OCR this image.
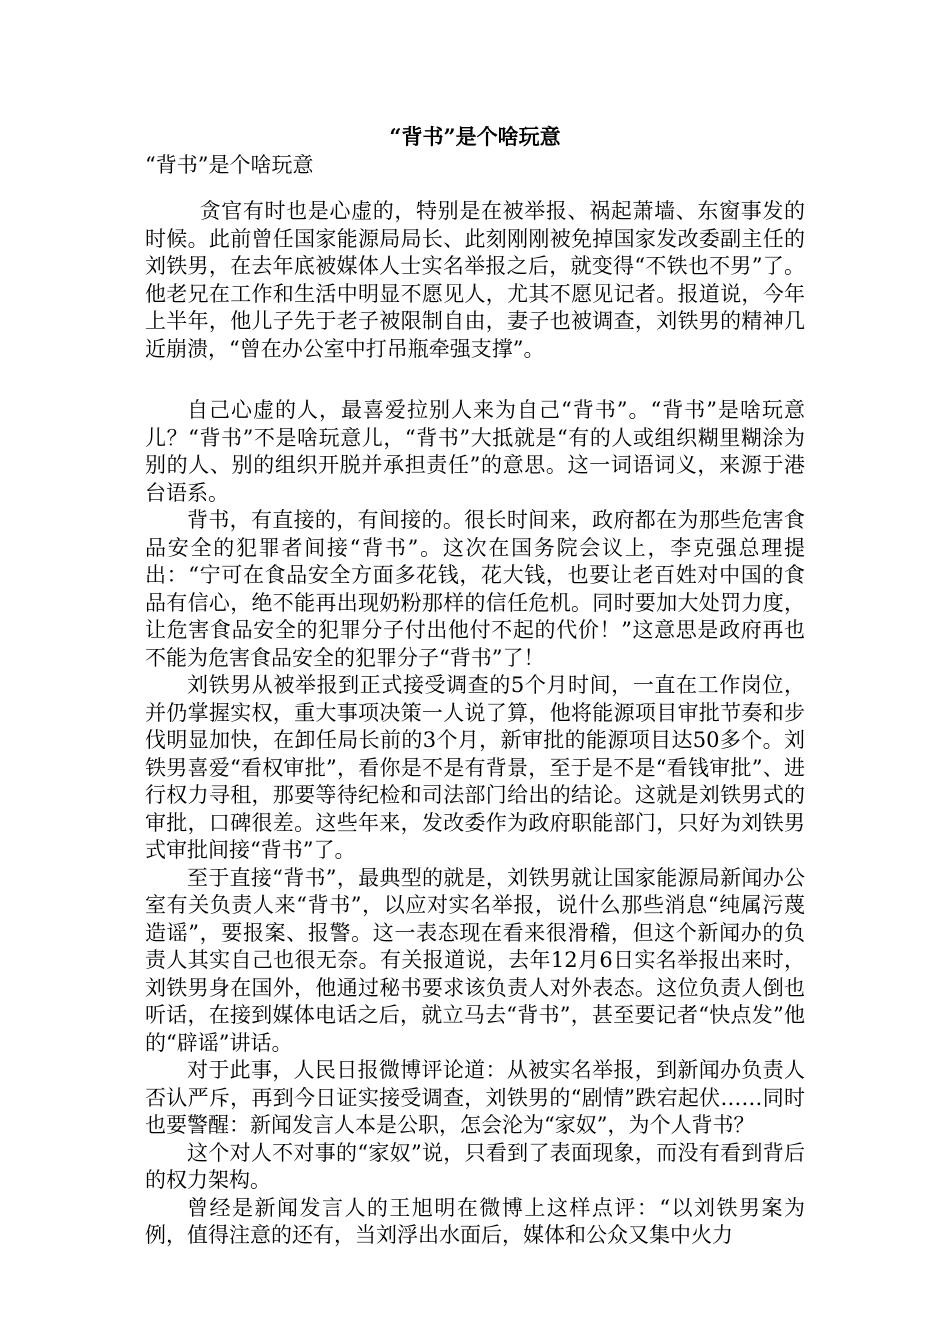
“背书”是个啥玩意
“背书”是个啥玩意

贪官有时也是心虚的，特别是在被举报、祸起萧墙、东窗事发的时候。此前曾任国家能源局局长、此刻刚刚被免掉国家发改委副主任的刘铁男，在去年底被媒体人士实名举报之后，就变得“不铁也不男”了。他老兄在工作和生活中明显不愿见人，尤其不愿见记者。报道说，今年上半年，他儿子先于老子被限制自由，妻子也被调查，刘铁男的精神几近崩溃，“曾在办公室中打吊瓶牵强支撑”。

自己心虚的人，最喜爱拉别人来为自己“背书”。“背书”是啥玩意儿？“背书”不是啥玩意儿，“背书”大抵就是“有的人或组织糊里糊涂为别的人、别的组织开脱并承担责任”的意思。这一词语词义，来源于港台语系。

背书，有直接的，有间接的。很长时间来，政府都在为那些危害食品安全的犯罪者间接“背书”。这次在国务院会议上，李克强总理提出：“宁可在食品安全方面多花钱，花大钱，也要让老百姓对中国的食品有信心，绝不能再出现奶粉那样的信任危机。同时要加大处罚力度，让危害食品安全的犯罪分子付出他付不起的代价！”这意思是政府再也不能为危害食品安全的犯罪分子“背书”了！

刘铁男从被举报到正式接受调查的5个月时间，一直在工作岗位，并仍掌握实权，重大事项决策一人说了算，他将能源项目审批节奏和步伐明显加快，在卸任局长前的3个月，新审批的能源项目达50多个。刘铁男喜爱“看权审批”，看你是不是有背景，至于是不是“看钱审批”、进行权力寻租，那要等待纪检和司法部门给出的结论。这就是刘铁男式的审批，口碑很差。这些年来，发改委作为政府职能部门，只好为刘铁男式审批间接“背书”了。

至于直接“背书”，最典型的就是，刘铁男就让国家能源局新闻办公室有关负责人来“背书”，以应对实名举报，说什么那些消息“纯属污蔑造谣”，要报案、报警。这一表态现在看来很滑稽，但这个新闻办的负责人其实自己也很无奈。有关报道说，去年12月6日实名举报出来时，刘铁男身在国外，他通过秘书要求该负责人对外表态。这位负责人倒也听话，在接到媒体电话之后，就立马去“背书”，甚至要记者“快点发”他的“辟谣”讲话。

对于此事，人民日报微博评论道：从被实名举报，到新闻办负责人否认严斥，再到今日证实接受调查，刘铁男的“剧情”跌宕起伏……同时也要警醒：新闻发言人本是公职，怎会沦为“家奴”，为个人背书？

这个对人不对事的“家奴”说，只看到了表面现象，而没有看到背后的权力架构。

曾经是新闻发言人的王旭明在微博上这样点评：“以刘铁男案为例，值得注意的还有，当刘浮出水面后，媒体和公众又集中火力
